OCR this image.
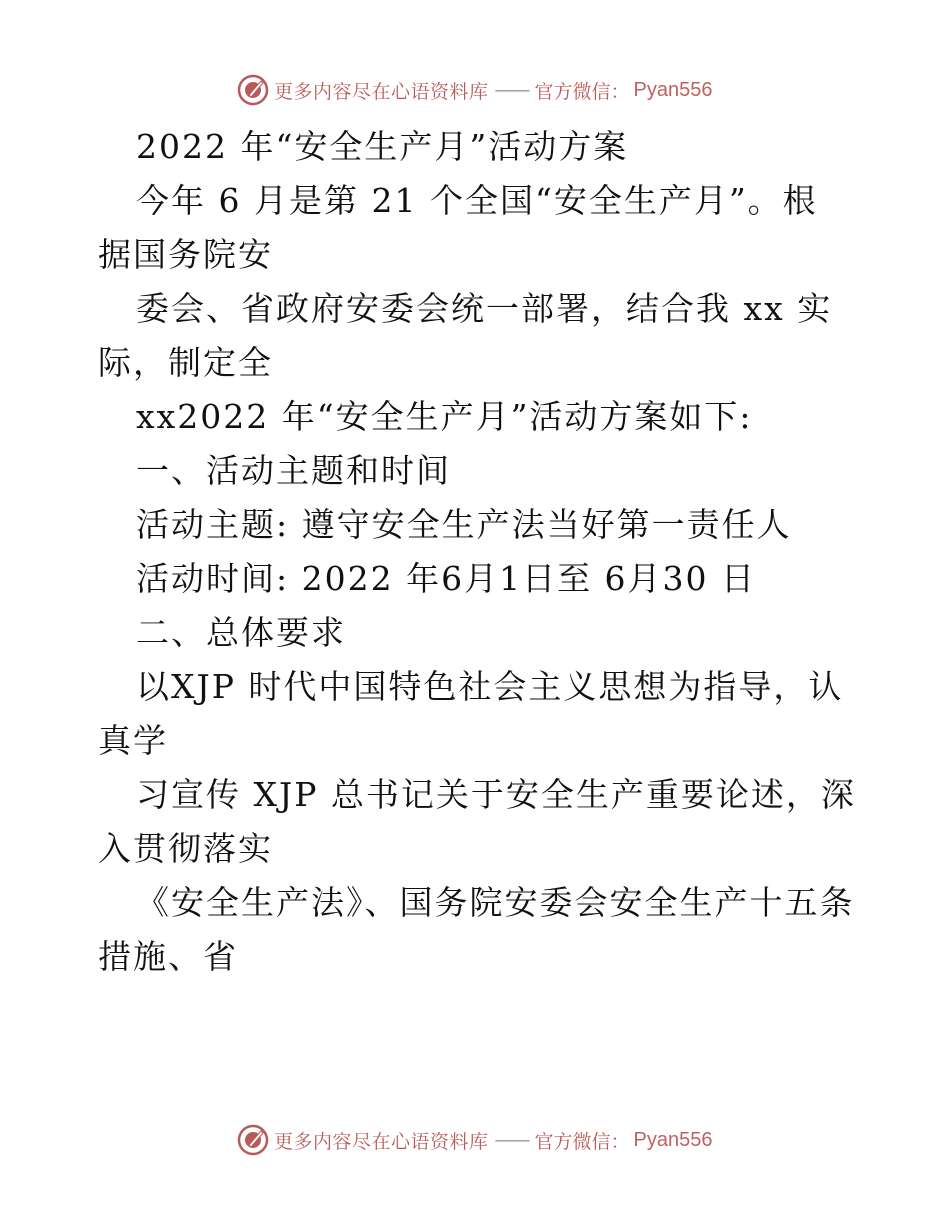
更多内容尽在心语资料库 —— 官方微信： Pyan556
2022 年“安全生产月”活动方案
今年 6 月是第 21 个全国“安全生产月”。根
据国务院安
委会、省政府安委会统一部署，结合我 xx 实
际，制定全
xx2022 年“安全生产月”活动方案如下:
一、活动主题和时间
活动主题: 遵守安全生产法当好第一责任人
活动时间: 2022 年6月1日至 6月30 日
二、总体要求
以XJP 时代中国特色社会主义思想为指导，认
真学
习宣传 XJP 总书记关于安全生产重要论述，深
入贯彻落实
《安全生产法》、国务院安委会安全生产十五条
措施、省
更多内容尽在心语资料库 —— 官方微信： Pyan556
